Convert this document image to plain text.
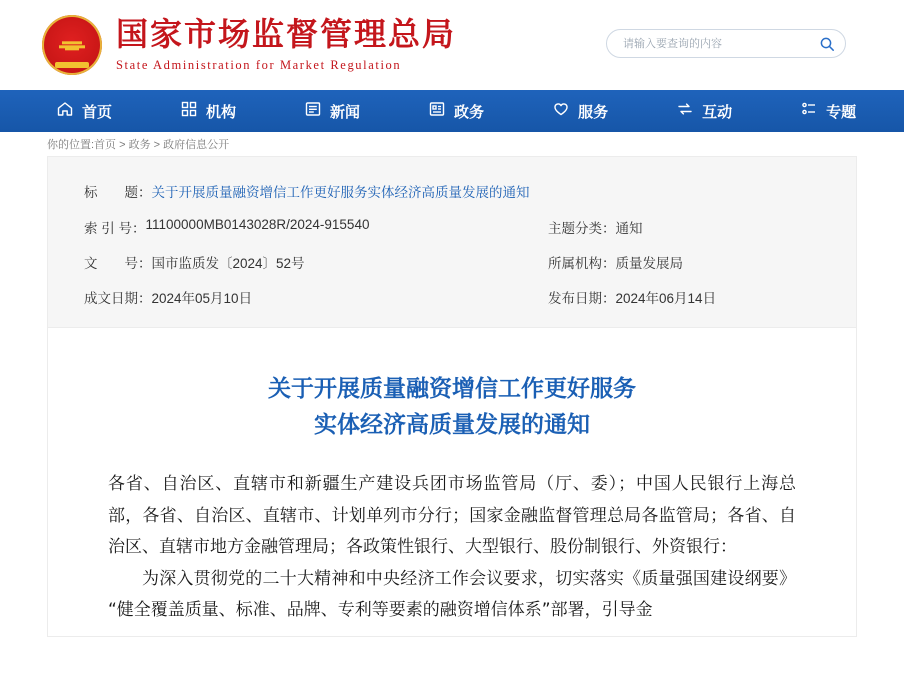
国家市场监督管理总局
State Administration for Market Regulation
请输入要查询的内容
首页	机构	新闻	政务	服务	互动	专题
你的位置:首页 > 政务 > 政府信息公开
标　　题： 关于开展质量融资增信工作更好服务实体经济高质量发展的通知
索 引 号： 11100000MB0143028R/2024-915540	主题分类： 通知
文　　号： 国市监质发〔2024〕52号	所属机构： 质量发展局
成文日期： 2024年05月10日	发布日期： 2024年06月14日
关于开展质量融资增信工作更好服务
实体经济高质量发展的通知

各省、自治区、直辖市和新疆生产建设兵团市场监管局（厅、委）；中国人民银行上海总部，各省、自治区、直辖市、计划单列市分行；国家金融监督管理总局各监管局；各省、自治区、直辖市地方金融管理局；各政策性银行、大型银行、股份制银行、外资银行：

为深入贯彻党的二十大精神和中央经济工作会议要求，切实落实《质量强国建设纲要》“健全覆盖质量、标准、品牌、专利等要素的融资增信体系”部署，引导金
